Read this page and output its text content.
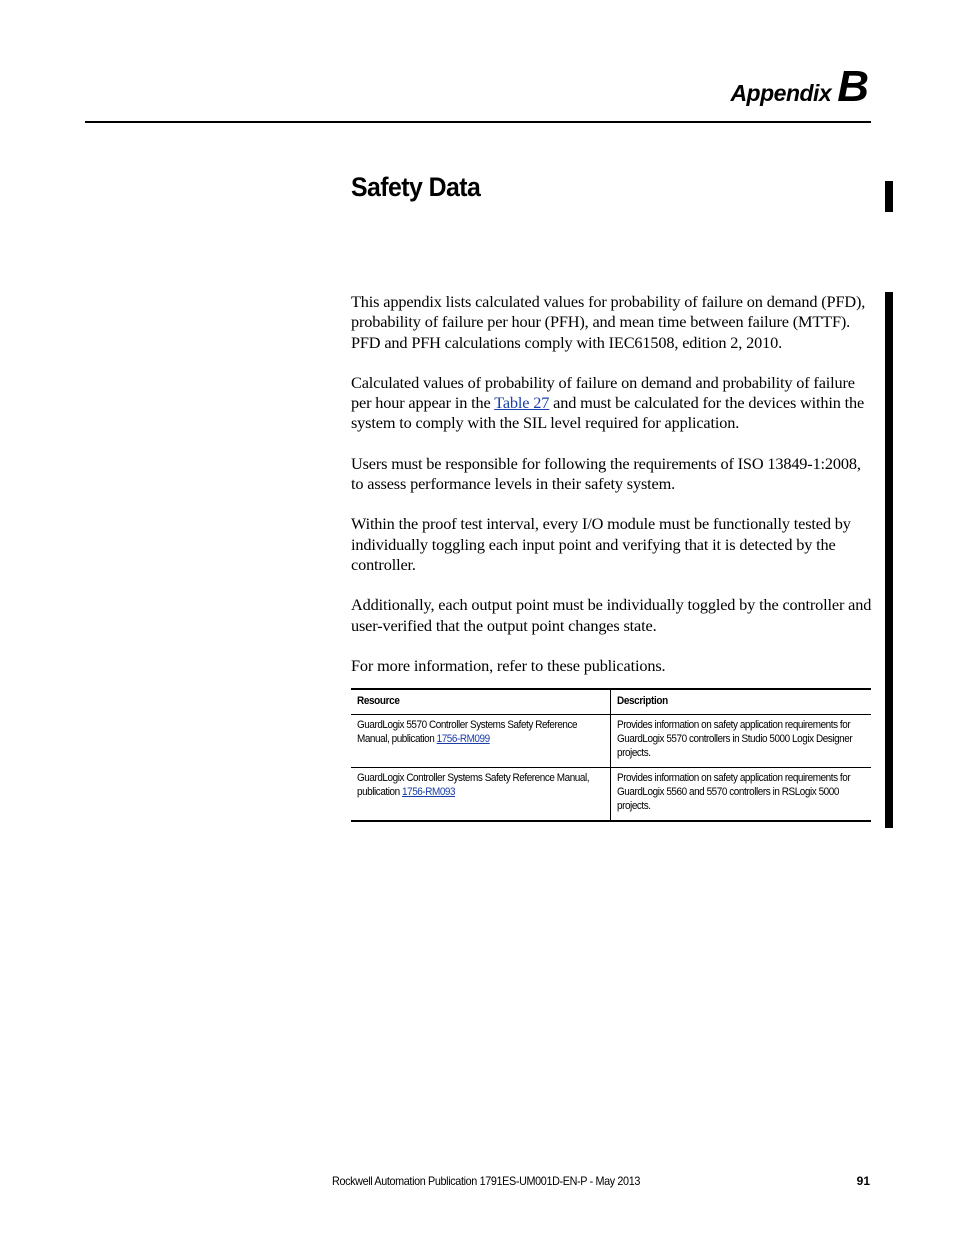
Appendix B
Safety Data

This appendix lists calculated values for probability of failure on demand (PFD), probability of failure per hour (PFH), and mean time between failure (MTTF). PFD and PFH calculations comply with IEC61508, edition 2, 2010.

Calculated values of probability of failure on demand and probability of failure per hour appear in the Table 27 and must be calculated for the devices within the system to comply with the SIL level required for application.

Users must be responsible for following the requirements of ISO 13849-1:2008, to assess performance levels in their safety system.

Within the proof test interval, every I/O module must be functionally tested by individually toggling each input point and verifying that it is detected by the controller.

Additionally, each output point must be individually toggled by the controller and user-verified that the output point changes state.

For more information, refer to these publications.

Resource	Description
GuardLogix 5570 Controller Systems Safety Reference Manual, publication 1756-RM099	Provides information on safety application requirements for GuardLogix 5570 controllers in Studio 5000 Logix Designer projects.
GuardLogix Controller Systems Safety Reference Manual, publication 1756-RM093	Provides information on safety application requirements for GuardLogix 5560 and 5570 controllers in RSLogix 5000 projects.
Rockwell Automation Publication 1791ES-UM001D-EN-P - May 2013	91
